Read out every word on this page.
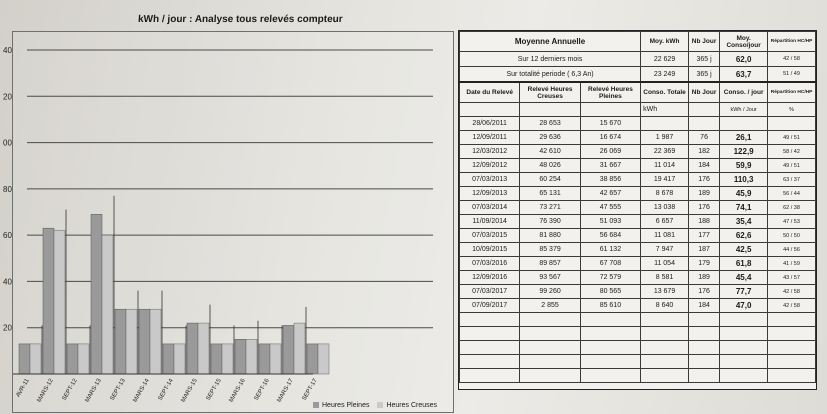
kWh / jour : Analyse tous relevés compteur
40
20
00
80
60
40
20
AVR-11 MARS-12 SEPT-12 MARS-13 SEPT-13 MARS-14 SEPT-14 MARS-15 SEPT-15 MARS-16 SEPT-16 MARS-17 SEPT-17
Heures Pleines	Heures Creuses
Moyenne Annuelle			Moy. kWh	Nb Jour	Moy. Conso/jour	Répartition HC/HP
Sur 12 derniers mois			22 629	365 j	62,0	42 / 58
Sur totalité periode ( 6,3 An)			23 249	365 j	63,7	51 / 49
Date du Relevé	Relevé Heures Creuses	Relevé Heures Pleines	Conso. Totale	Nb Jour	Conso. / jour	Répartition HC/HP
			kWh		kWh / Jour	%
28/06/2011	28 653	15 670				
12/09/2011	29 636	16 674	1 987	76	26,1	49 / 51
12/03/2012	42 610	26 069	22 369	182	122,9	58 / 42
12/09/2012	48 026	31 667	11 014	184	59,9	49 / 51
07/03/2013	60 254	38 856	19 417	176	110,3	63 / 37
12/09/2013	65 131	42 657	8 678	189	45,9	56 / 44
07/03/2014	73 271	47 555	13 038	176	74,1	62 / 38
11/09/2014	76 390	51 093	6 657	188	35,4	47 / 53
07/03/2015	81 880	56 684	11 081	177	62,6	50 / 50
10/09/2015	85 379	61 132	7 947	187	42,5	44 / 56
07/03/2016	89 857	67 708	11 054	179	61,8	41 / 59
12/09/2016	93 567	72 579	8 581	189	45,4	43 / 57
07/03/2017	99 260	80 565	13 679	176	77,7	42 / 58
07/09/2017	2 855	85 610	8 640	184	47,0	42 / 58
